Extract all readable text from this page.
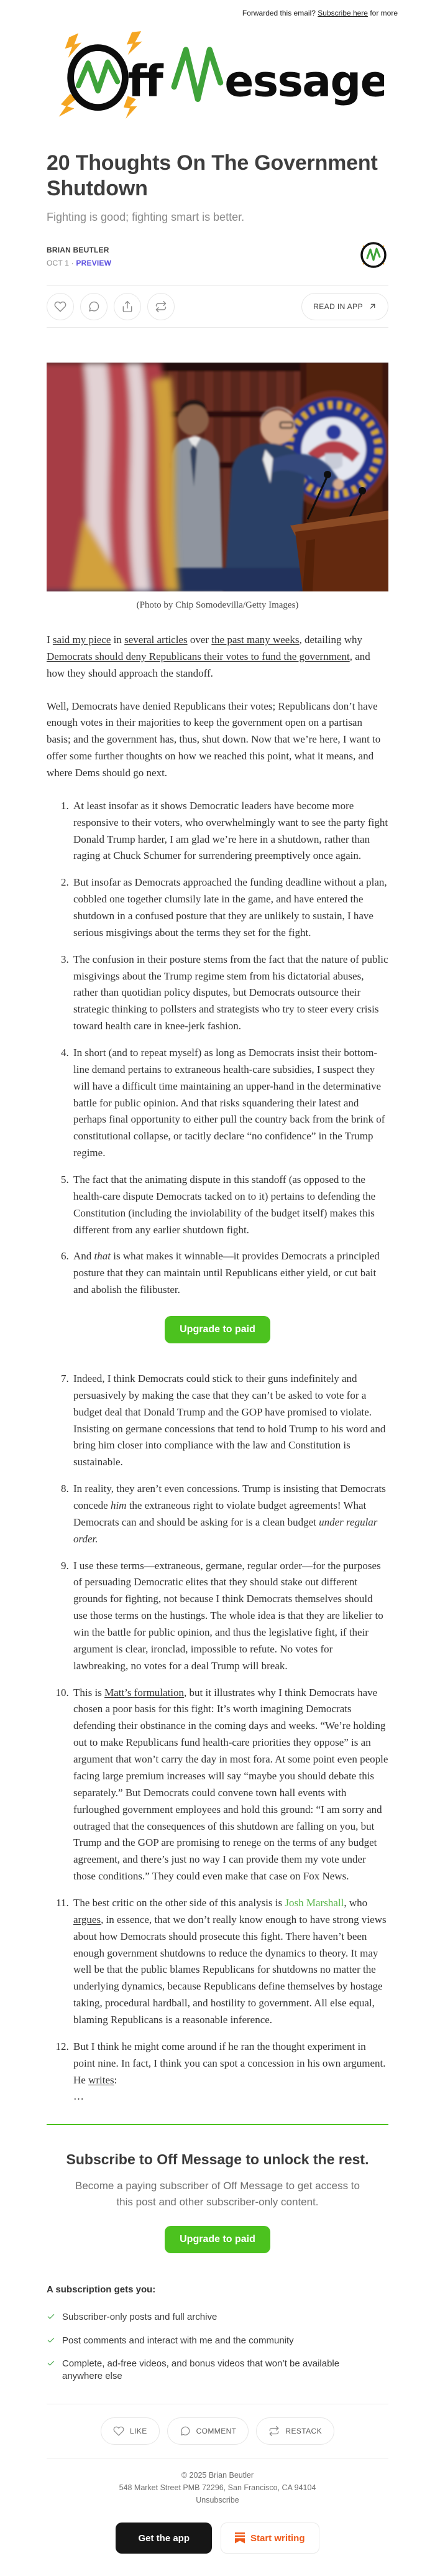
Forwarded this email? Subscribe here for more
ff essage
20 Thoughts On The Government Shutdown
Fighting is good; fighting smart is better.
BRIAN BEUTLER
OCT 1 · PREVIEW
READ IN APP
(Photo by Chip Somodevilla/Getty Images)

I said my piece in several articles over the past many weeks, detailing why Democrats should deny Republicans their votes to fund the government, and how they should approach the standoff.

Well, Democrats have denied Republicans their votes; Republicans don’t have enough votes in their majorities to keep the government open on a partisan basis; and the government has, thus, shut down. Now that we’re here, I want to offer some further thoughts on how we reached this point, what it means, and where Dems should go next.

1. At least insofar as it shows Democratic leaders have become more responsive to their voters, who overwhelmingly want to see the party fight Donald Trump harder, I am glad we’re here in a shutdown, rather than raging at Chuck Schumer for surrendering preemptively once again.
2. But insofar as Democrats approached the funding deadline without a plan, cobbled one together clumsily late in the game, and have entered the shutdown in a confused posture that they are unlikely to sustain, I have serious misgivings about the terms they set for the fight.
3. The confusion in their posture stems from the fact that the nature of public misgivings about the Trump regime stem from his dictatorial abuses, rather than quotidian policy disputes, but Democrats outsource their strategic thinking to pollsters and strategists who try to steer every crisis toward health care in knee-jerk fashion.
4. In short (and to repeat myself) as long as Democrats insist their bottom-line demand pertains to extraneous health-care subsidies, I suspect they will have a difficult time maintaining an upper-hand in the determinative battle for public opinion. And that risks squandering their latest and perhaps final opportunity to either pull the country back from the brink of constitutional collapse, or tacitly declare “no confidence” in the Trump regime.
5. The fact that the animating dispute in this standoff (as opposed to the health-care dispute Democrats tacked on to it) pertains to defending the Constitution (including the inviolability of the budget itself) makes this different from any earlier shutdown fight.
6. And that is what makes it winnable—it provides Democrats a principled posture that they can maintain until Republicans either yield, or cut bait and abolish the filibuster.
Upgrade to paid
7. Indeed, I think Democrats could stick to their guns indefinitely and persuasively by making the case that they can’t be asked to vote for a budget deal that Donald Trump and the GOP have promised to violate. Insisting on germane concessions that tend to hold Trump to his word and bring him closer into compliance with the law and Constitution is sustainable.
8. In reality, they aren’t even concessions. Trump is insisting that Democrats concede him the extraneous right to violate budget agreements! What Democrats can and should be asking for is a clean budget under regular order.
9. I use these terms—extraneous, germane, regular order—for the purposes of persuading Democratic elites that they should stake out different grounds for fighting, not because I think Democrats themselves should use those terms on the hustings. The whole idea is that they are likelier to win the battle for public opinion, and thus the legislative fight, if their argument is clear, ironclad, impossible to refute. No votes for lawbreaking, no votes for a deal Trump will break.
10. This is Matt’s formulation, but it illustrates why I think Democrats have chosen a poor basis for this fight: It’s worth imagining Democrats defending their obstinance in the coming days and weeks. “We’re holding out to make Republicans fund health-care priorities they oppose” is an argument that won’t carry the day in most fora. At some point even people facing large premium increases will say “maybe you should debate this separately.” But Democrats could convene town hall events with furloughed government employees and hold this ground: “I am sorry and outraged that the consequences of this shutdown are falling on you, but Trump and the GOP are promising to renege on the terms of any budget agreement, and there’s just no way I can provide them my vote under those conditions.” They could even make that case on Fox News.
11. The best critic on the other side of this analysis is Josh Marshall, who argues, in essence, that we don’t really know enough to have strong views about how Democrats should prosecute this fight. There haven’t been enough government shutdowns to reduce the dynamics to theory. It may well be that the public blames Republicans for shutdowns no matter the underlying dynamics, because Republicans define themselves by hostage taking, procedural hardball, and hostility to government. All else equal, blaming Republicans is a reasonable inference.
12. But I think he might come around if he ran the thought experiment in point nine. In fact, I think you can spot a concession in his own argument. He writes:
…
Subscribe to Off Message to unlock the rest.
Become a paying subscriber of Off Message to get access to this post and other subscriber-only content.
Upgrade to paid
A subscription gets you:
Subscriber-only posts and full archive
Post comments and interact with me and the community
Complete, ad-free videos, and bonus videos that won’t be available anywhere else
LIKE	COMMENT	RESTACK
© 2025 Brian Beutler
548 Market Street PMB 72296, San Francisco, CA 94104
Unsubscribe
Get the app	Start writing
